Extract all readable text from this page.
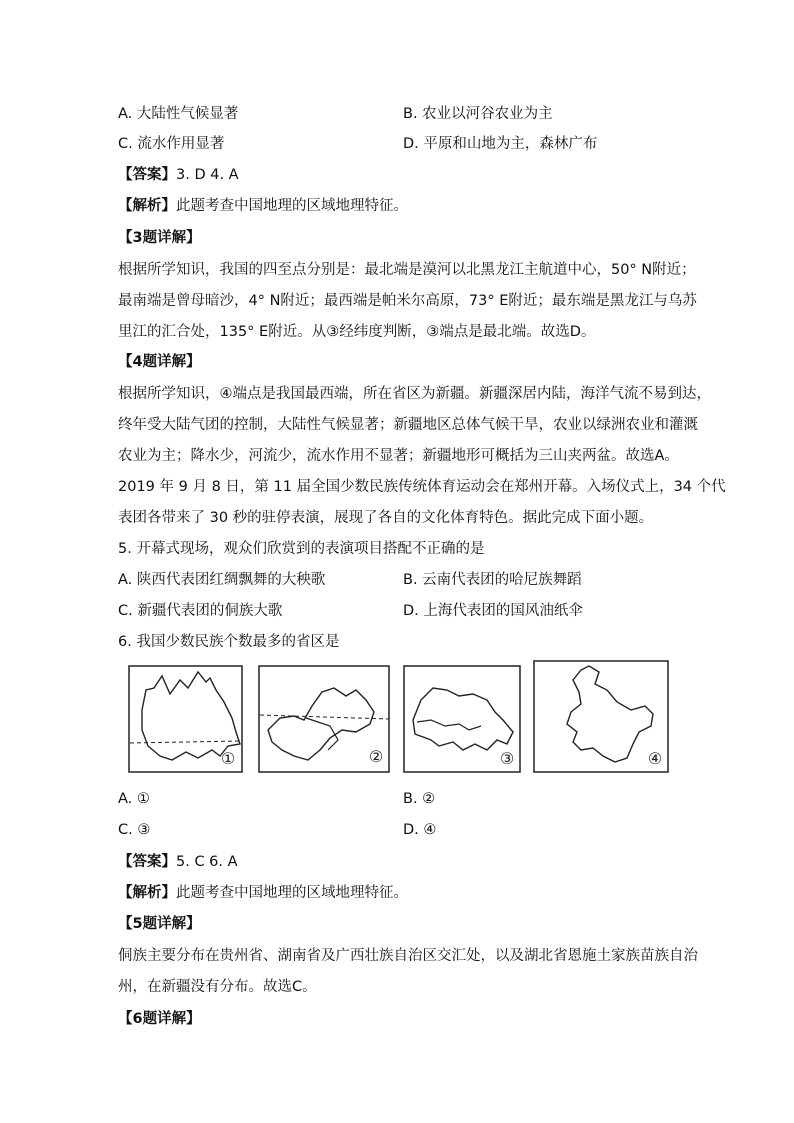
A. 大陆性气候显著	B. 农业以河谷农业为主
C. 流水作用显著	D. 平原和山地为主，森林广布
【答案】3. D 4. A
【解析】此题考查中国地理的区域地理特征。
【3题详解】
根据所学知识，我国的四至点分别是：最北端是漠河以北黑龙江主航道中心，50° N附近；
最南端是曾母暗沙，4° N附近；最西端是帕米尔高原，73° E附近；最东端是黑龙江与乌苏
里江的汇合处，135° E附近。从③经纬度判断，③端点是最北端。故选D。
【4题详解】
根据所学知识，④端点是我国最西端，所在省区为新疆。新疆深居内陆，海洋气流不易到达，
终年受大陆气团的控制，大陆性气候显著；新疆地区总体气候干旱，农业以绿洲农业和灌溉
农业为主；降水少，河流少，流水作用不显著；新疆地形可概括为三山夹两盆。故选A。
2019 年 9 月 8 日，第 11 届全国少数民族传统体育运动会在郑州开幕。入场仪式上，34 个代
表团各带来了 30 秒的驻停表演，展现了各自的文化体育特色。据此完成下面小题。
5. 开幕式现场，观众们欣赏到的表演项目搭配不正确的是
A. 陕西代表团红绸飘舞的大秧歌	B. 云南代表团的哈尼族舞蹈
C. 新疆代表团的侗族大歌	D. 上海代表团的国风油纸伞
6. 我国少数民族个数最多的省区是
①	②	③	④
A. ①	B. ②
C. ③	D. ④
【答案】5. C 6. A
【解析】此题考查中国地理的区域地理特征。
【5题详解】
侗族主要分布在贵州省、湖南省及广西壮族自治区交汇处，以及湖北省恩施土家族苗族自治
州，在新疆没有分布。故选C。
【6题详解】
